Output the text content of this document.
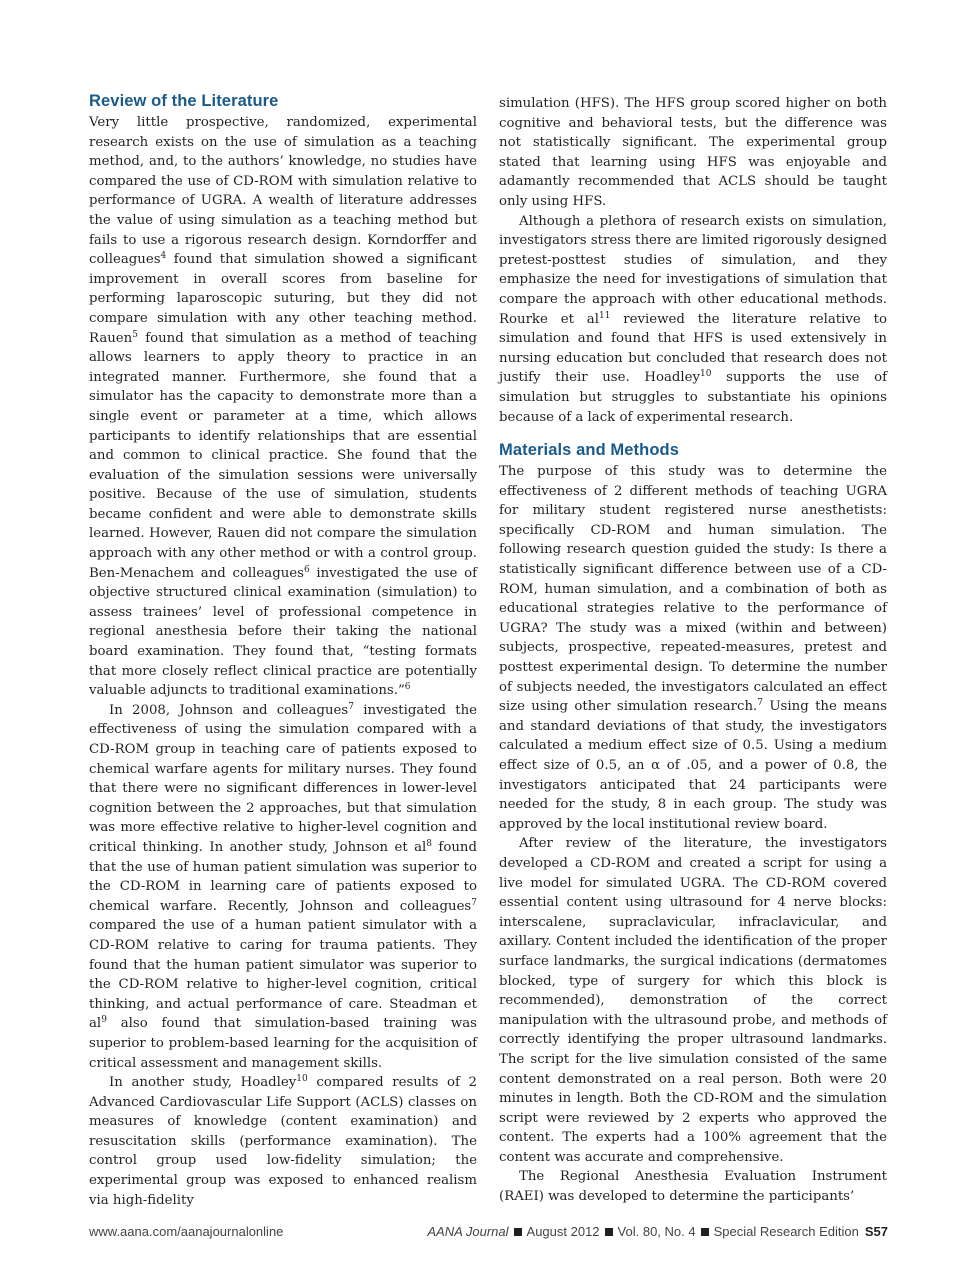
Review of the Literature

Very little prospective, randomized, experimental research exists on the use of simulation as a teaching method, and, to the authors’ knowledge, no studies have compared the use of CD-ROM with simulation relative to performance of UGRA. A wealth of literature addresses the value of using simulation as a teaching method but fails to use a rigorous research design. Korndorffer and colleagues$^4$ found that simulation showed a significant improvement in overall scores from baseline for performing laparoscopic suturing, but they did not compare simulation with any other teaching method. Rauen$^5$ found that simulation as a method of teaching allows learners to apply theory to practice in an integrated manner. Furthermore, she found that a simulator has the capacity to demonstrate more than a single event or parameter at a time, which allows participants to identify relationships that are essential and common to clinical practice. She found that the evaluation of the simulation sessions were universally positive. Because of the use of simulation, students became confident and were able to demonstrate skills learned. However, Rauen did not compare the simulation approach with any other method or with a control group. Ben-Menachem and colleagues$^6$ investigated the use of objective structured clinical examination (simulation) to assess trainees’ level of professional competence in regional anesthesia before their taking the national board examination. They found that, “testing formats that more closely reflect clinical practice are potentially valuable adjuncts to traditional examinations.”$^6$

In 2008, Johnson and colleagues$^7$ investigated the effectiveness of using the simulation compared with a CD-ROM group in teaching care of patients exposed to chemical warfare agents for military nurses. They found that there were no significant differences in lower-level cognition between the 2 approaches, but that simulation was more effective relative to higher-level cognition and critical thinking. In another study, Johnson et $al^8$ found that the use of human patient simulation was superior to the CD-ROM in learning care of patients exposed to chemical warfare. Recently, Johnson and colleagues$^7$ compared the use of a human patient simulator with a CD-ROM relative to caring for trauma patients. They found that the human patient simulator was superior to the CD-ROM relative to higher-level cognition, critical thinking, and actual performance of care. Steadman et $al^9$ also found that simulation-based training was superior to problem-based learning for the acquisition of critical assessment and management skills.

In another study, Hoadley$^{10}$ compared results of 2 Advanced Cardiovascular Life Support (ACLS) classes on measures of knowledge (content examination) and resuscitation skills (performance examination). The control group used low-fidelity simulation; the experimental group was exposed to enhanced realism via high-fidelity

simulation (HFS). The HFS group scored higher on both cognitive and behavioral tests, but the difference was not statistically significant. The experimental group stated that learning using HFS was enjoyable and adamantly recommended that ACLS should be taught only using HFS.

Although a plethora of research exists on simulation, investigators stress there are limited rigorously designed pretest-posttest studies of simulation, and they emphasize the need for investigations of simulation that compare the approach with other educational methods. Rourke et $al^{11}$ reviewed the literature relative to simulation and found that HFS is used extensively in nursing education but concluded that research does not justify their use. Hoadley$^{10}$ supports the use of simulation but struggles to substantiate his opinions because of a lack of experimental research.

Materials and Methods

The purpose of this study was to determine the effectiveness of 2 different methods of teaching UGRA for military student registered nurse anesthetists: specifically CD-ROM and human simulation. The following research question guided the study: Is there a statistically significant difference between use of a CD-ROM, human simulation, and a combination of both as educational strategies relative to the performance of UGRA? The study was a mixed (within and between) subjects, prospective, repeated-measures, pretest and posttest experimental design. To determine the number of subjects needed, the investigators calculated an effect size using other simulation research.$^7$ Using the means and standard deviations of that study, the investigators calculated a medium effect size of 0.5. Using a medium effect size of 0.5, an α of .05, and a power of 0.8, the investigators anticipated that 24 participants were needed for the study, 8 in each group. The study was approved by the local institutional review board.

After review of the literature, the investigators developed a CD-ROM and created a script for using a live model for simulated UGRA. The CD-ROM covered essential content using ultrasound for 4 nerve blocks: interscalene, supraclavicular, infraclavicular, and axillary. Content included the identification of the proper surface landmarks, the surgical indications (dermatomes blocked, type of surgery for which this block is recommended), demonstration of the correct manipulation with the ultrasound probe, and methods of correctly identifying the proper ultrasound landmarks. The script for the live simulation consisted of the same content demonstrated on a real person. Both were 20 minutes in length. Both the CD-ROM and the simulation script were reviewed by 2 experts who approved the content. The experts had a 100% agreement that the content was accurate and comprehensive.

The Regional Anesthesia Evaluation Instrument (RAEI) was developed to determine the participants’

www.aana.com/aanajournalonline	AANA Journal August 2012 Vol. 80, No. 4 Special Research Edition S57
